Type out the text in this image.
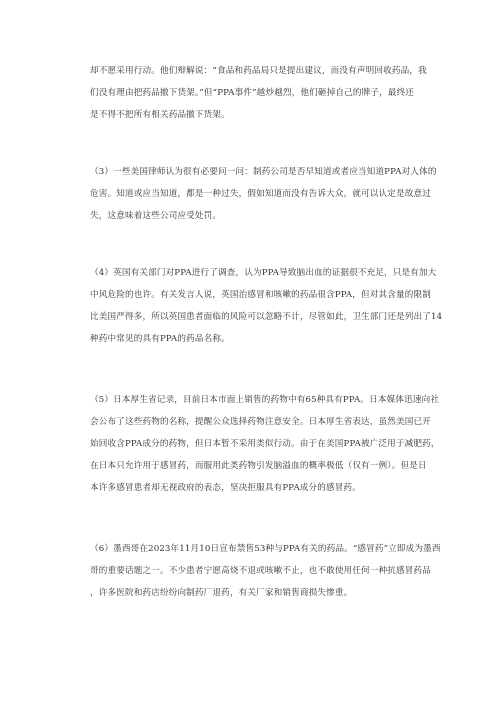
却不愿采用行动。他们辩解说：“食品和药品局只是提出建议，而没有声明回收药品，我
们没有理由把药品撤下货架。”但“PPA事件”越炒越烈，他们砸掉自己的牌子，最终还
是不得不把所有相关药品撤下货架。

（3）一些美国律师认为很有必要问一问：制药公司是否早知道或者应当知道PPA对人体的
危害。知道或应当知道，都是一种过失，假如知道而没有告诉大众，就可以认定是故意过
失，这意味着这些公司应受处罚。

（4）英国有关部门对PPA进行了调查，认为PPA导致脑出血的证据很不充足，只是有加大
中风危险的也许。有关发言人说，英国治感冒和咳嗽的药品很含PPA，但对其含量的限制
比美国严得多，所以英国患者面临的风险可以忽略不计，尽管如此，卫生部门还是列出了14
种药中常见的具有PPA的药品名称。

（5）日本厚生省记录，目前日本市面上销售的药物中有65种具有PPA。日本媒体迅速向社
会公布了这些药物的名称，提醒公众选择药物注意安全。日本厚生省表达，虽然美国已开
始回收含PPA成分的药物，但日本暂不采用类似行动。由于在美国PPA被广泛用于减肥药，
在日本只允许用于感冒药，而服用此类药物引发脑溢血的概率极低（仅有一例）。但是日
本许多感冒患者却无视政府的表态，坚决拒服具有PPA成分的感冒药。

（6）墨西哥在2023年11月10日宣布禁售53种与PPA有关的药品。“感冒药”立即成为墨西
哥的重要话题之一。不少患者宁愿高烧不退或咳嗽不止，也不敢使用任何一种抗感冒药品
，许多医院和药店纷纷向制药厂退药，有关厂家和销售商损失惨重。
